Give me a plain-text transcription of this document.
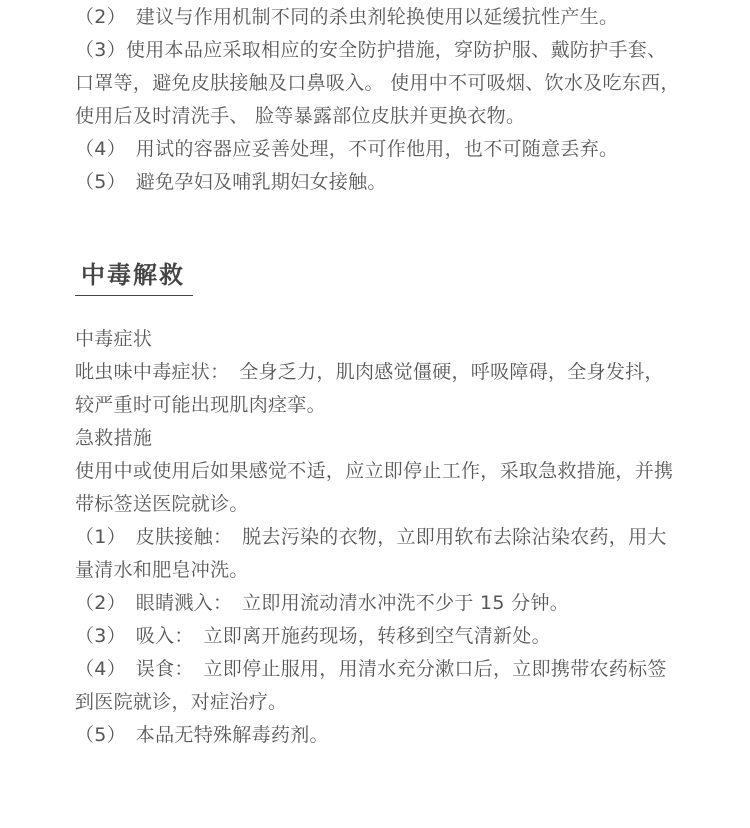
（2）　建议与作用机制不同的杀虫剂轮换使用以延缓抗性产生。
（3）使用本品应采取相应的安全防护措施，穿防护服、戴防护手套、
口罩等，避免皮肤接触及口鼻吸入。 使用中不可吸烟、饮水及吃东西，
使用后及时清洗手、 脸等暴露部位皮肤并更换衣物。
（4）　用试的容器应妥善处理，不可作他用，也不可随意丢弃。
（5）　避免孕妇及哺乳期妇女接触。
中毒解救
中毒症状
吡虫味中毒症状：　全身乏力，肌肉感觉僵硬，呼吸障碍，全身发抖，
较严重时可能出现肌肉痉挛。
急救措施
使用中或使用后如果感觉不适，应立即停止工作，采取急救措施，并携
带标签送医院就诊。
（1）　皮肤接触：　脱去污染的衣物，立即用软布去除沾染农药，用大
量清水和肥皂冲洗。
（2）　眼睛溅入：　立即用流动清水冲洗不少于 15 分钟。
（3）　吸入：　立即离开施药现场，转移到空气清新处。
（4）　误食：　立即停止服用，用清水充分漱口后，立即携带农药标签
到医院就诊，对症治疗。
（5）　本品无特殊解毒药剂。
